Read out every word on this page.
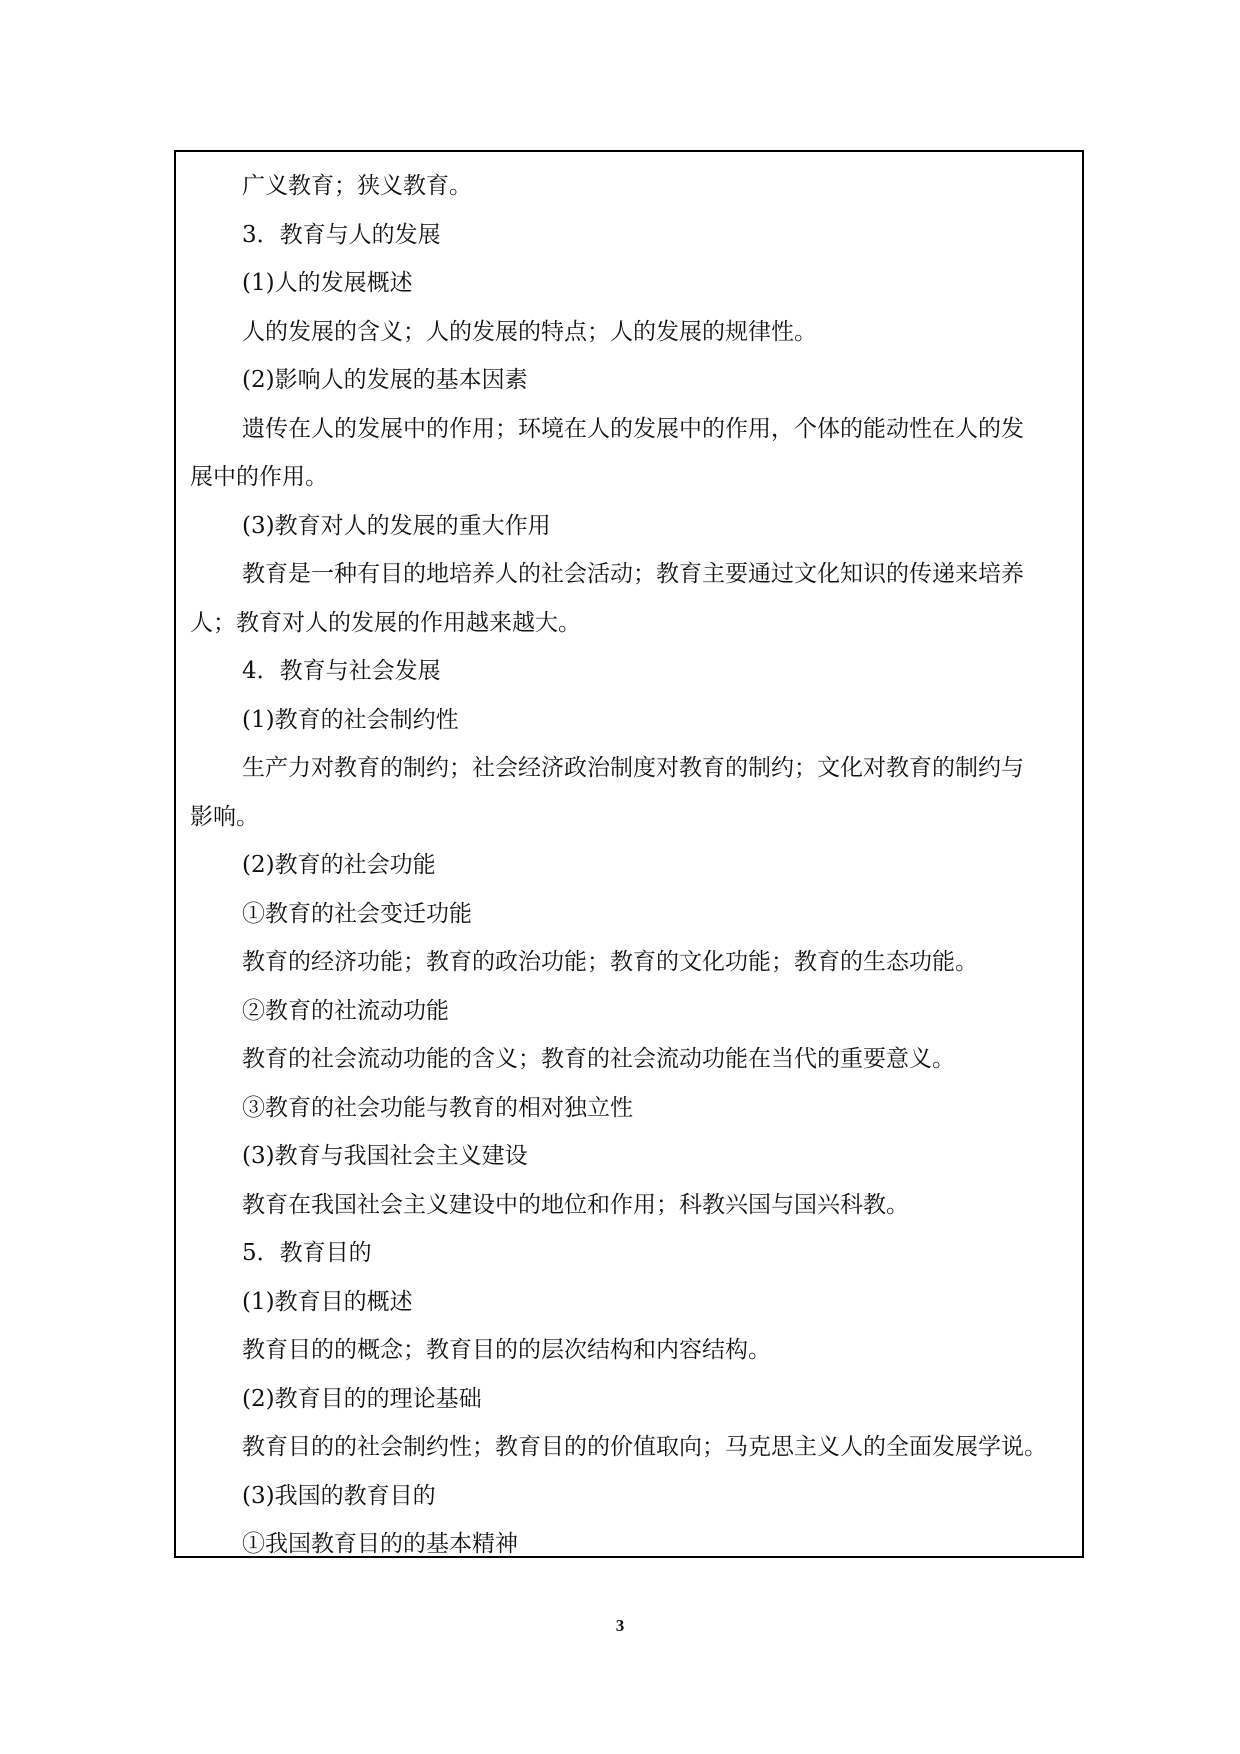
广义教育；狭义教育。
3．教育与人的发展
(1)人的发展概述
人的发展的含义；人的发展的特点；人的发展的规律性。
(2)影响人的发展的基本因素
遗传在人的发展中的作用；环境在人的发展中的作用，个体的能动性在人的发
展中的作用。
(3)教育对人的发展的重大作用
教育是一种有目的地培养人的社会活动；教育主要通过文化知识的传递来培养
人；教育对人的发展的作用越来越大。
4．教育与社会发展
(1)教育的社会制约性
生产力对教育的制约；社会经济政治制度对教育的制约；文化对教育的制约与
影响。
(2)教育的社会功能
①教育的社会变迁功能
教育的经济功能；教育的政治功能；教育的文化功能；教育的生态功能。
②教育的社流动功能
教育的社会流动功能的含义；教育的社会流动功能在当代的重要意义。
③教育的社会功能与教育的相对独立性
(3)教育与我国社会主义建设
教育在我国社会主义建设中的地位和作用；科教兴国与国兴科教。
5．教育目的
(1)教育目的概述
教育目的的概念；教育目的的层次结构和内容结构。
(2)教育目的的理论基础
教育目的的社会制约性；教育目的的价值取向；马克思主义人的全面发展学说。
(3)我国的教育目的
①我国教育目的的基本精神
3
